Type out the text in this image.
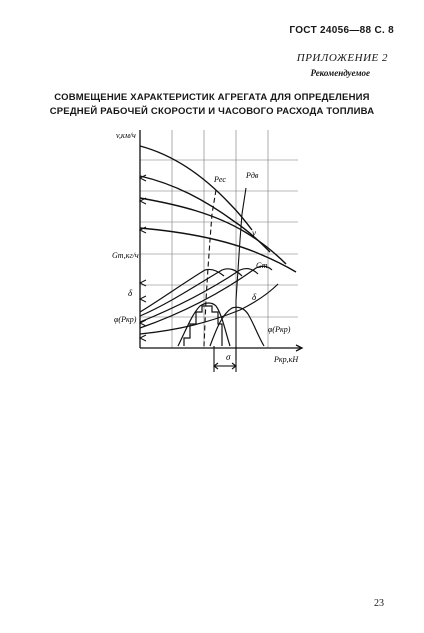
ГОСТ 24056—88 С. 8
ПРИЛОЖЕНИЕ 2
Рекомендуемое
СОВМЕЩЕНИЕ ХАРАКТЕРИСТИК АГРЕГАТА ДЛЯ ОПРЕДЕЛЕНИЯ
СРЕДНЕЙ РАБОЧЕЙ СКОРОСТИ И ЧАСОВОГО РАСХОДА ТОПЛИВА
v,км/ч
Gт,кг/ч
δ
φ(Pкр)
Pкр,кН
Pес	Pдв
v
Gт
δ
φ(Pкр)
σ
23
